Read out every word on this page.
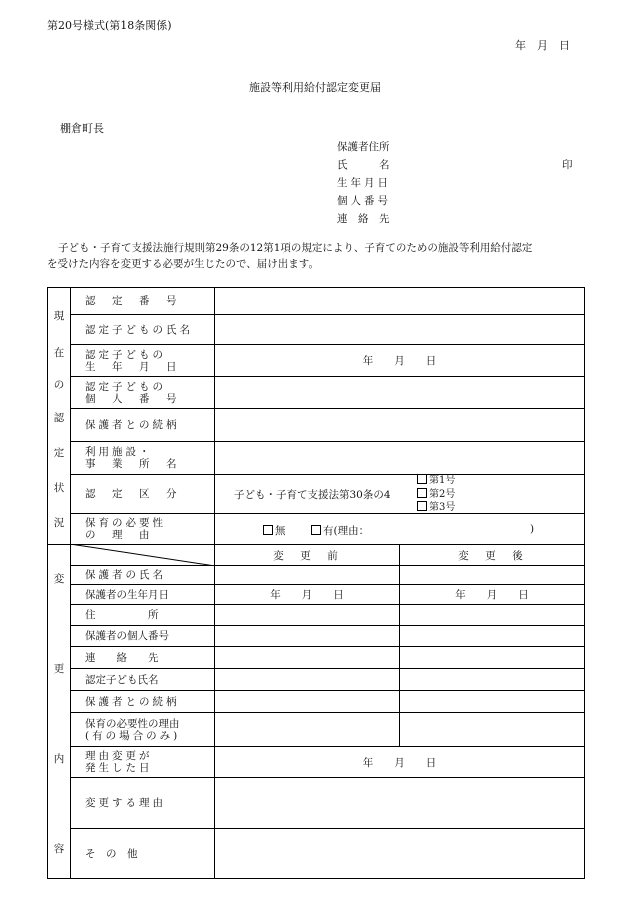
第20号様式(第18条関係)
年　月　日
施設等利用給付認定変更届
棚倉町長
保護者住所
氏　　　名	印
生年月日
個人番号
連　絡　先
子ども・子育て支援法施行規則第29条の12第1項の規定により、子育てのための施設等利用給付認定
を受けた内容を変更する必要が生じたので、届け出ます。
現
在
の
認
定
状
況
変
更
内
容
認　定　番　号
認定子どもの氏名
認定子どもの
生　年　月　日	年　　月　　日
認定子どもの
個　人　番　号
保護者との続柄
利用施設・
事　業　所　名
認　定　区　分	子ども・子育て支援法第30条の4
第1号
第2号
第3号
保育の必要性
の　理　由	無	有(理由：	)
変　更　前	変　更　後
保護者の氏名
保護者の生年月日	年　　月　　日	年　　月　　日
住　　　　　所
保護者の個人番号
連　　絡　　先
認定子ども氏名
保護者との続柄
保育の必要性の理由
(有の場合のみ)
理由変更が
発生した日	年　　月　　日
変更する理由
そ　の　他
